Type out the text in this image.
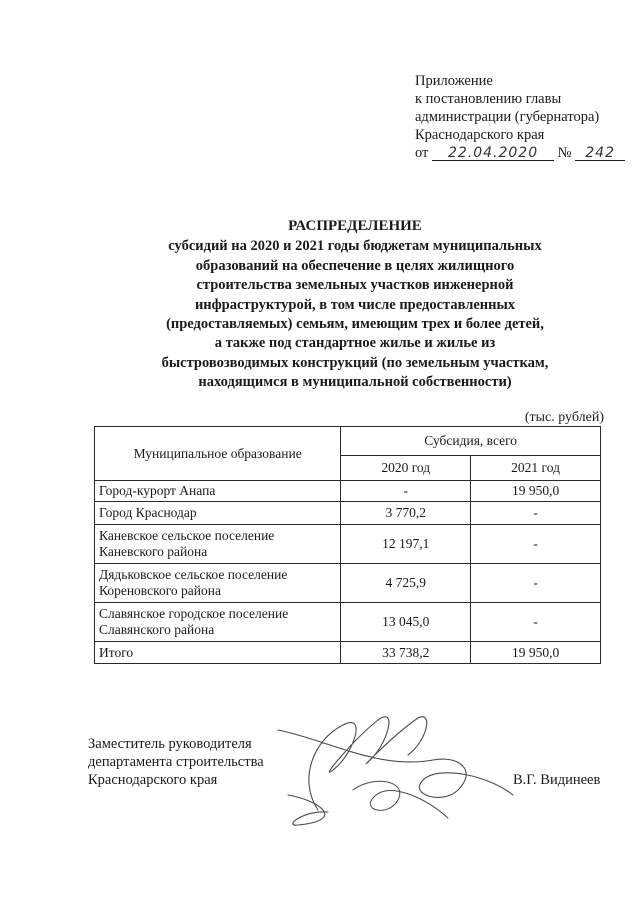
Приложение
к постановлению главы
администрации (губернатора)
Краснодарского края
от 22.04.2020 № 242
РАСПРЕДЕЛЕНИЕ
субсидий на 2020 и 2021 годы бюджетам муниципальных
образований на обеспечение в целях жилищного
строительства земельных участков инженерной
инфраструктурой, в том числе предоставленных
(предоставляемых) семьям, имеющим трех и более детей,
а также под стандартное жилье и жилье из
быстровозводимых конструкций (по земельным участкам,
находящимся в муниципальной собственности)
(тыс. рублей)
Муниципальное образование	Субсидия, всего	
	2020 год	2021 год
Город-курорт Анапа	-	19 950,0
Город Краснодар	3 770,2	-

Каневское сельское поселение
Каневского района	12 197,1	-

Дядьковское сельское поселение
Кореновского района	4 725,9	-

Славянское городское поселение
Славянского района	13 045,0	-
Итого	33 738,2	19 950,0
Заместитель руководителя
департамента строительства
Краснодарского края	В.Г. Видинеев
